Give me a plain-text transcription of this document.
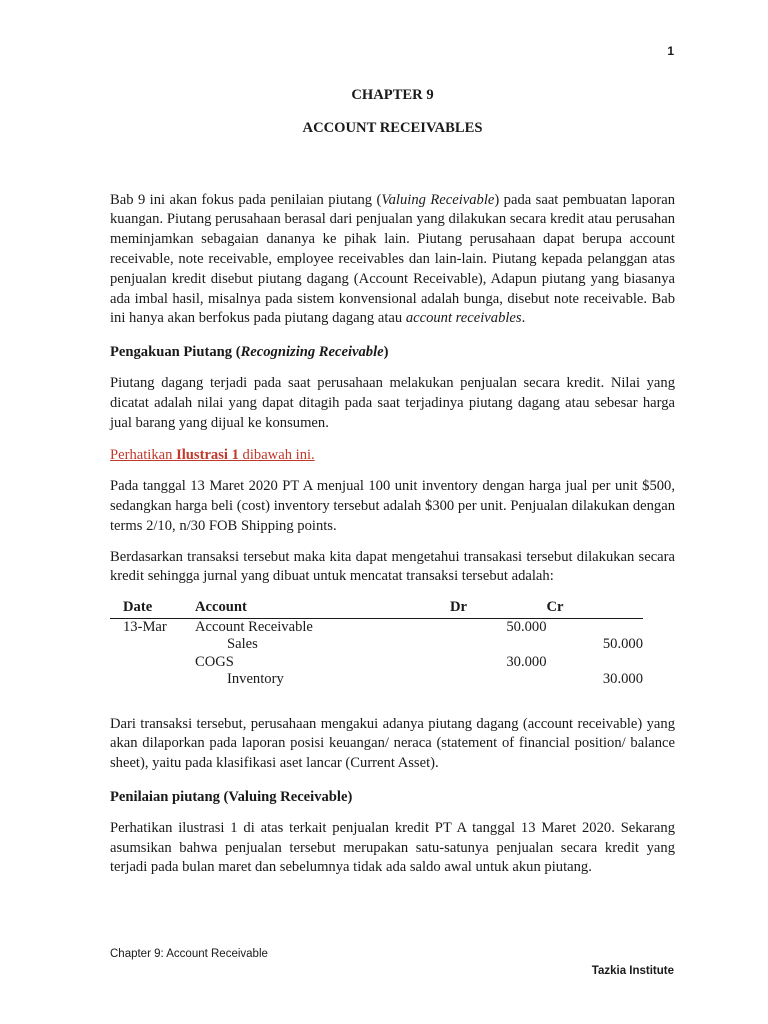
1
CHAPTER 9
ACCOUNT RECEIVABLES

Bab 9 ini akan fokus pada penilaian piutang (Valuing Receivable) pada saat pembuatan laporan kuangan. Piutang perusahaan berasal dari penjualan yang dilakukan secara kredit atau perusahan meminjamkan sebagaian dananya ke pihak lain. Piutang perusahaan dapat berupa account receivable, note receivable, employee receivables dan lain-lain. Piutang kepada pelanggan atas penjualan kredit disebut piutang dagang (Account Receivable), Adapun piutang yang biasanya ada imbal hasil, misalnya pada sistem konvensional adalah bunga, disebut note receivable. Bab ini hanya akan berfokus pada piutang dagang atau account receivables.

Pengakuan Piutang (Recognizing Receivable)

Piutang dagang terjadi pada saat perusahaan melakukan penjualan secara kredit. Nilai yang dicatat adalah nilai yang dapat ditagih pada saat terjadinya piutang dagang atau sebesar harga jual barang yang dijual ke konsumen.

Perhatikan Ilustrasi 1 dibawah ini.

Pada tanggal 13 Maret 2020 PT A menjual 100 unit inventory dengan harga jual per unit $500, sedangkan harga beli (cost) inventory tersebut adalah $300 per unit. Penjualan dilakukan dengan terms 2/10, n/30 FOB Shipping points.

Berdasarkan transaksi tersebut maka kita dapat mengetahui transakasi tersebut dilakukan secara kredit sehingga jurnal yang dibuat untuk mencatat transaksi tersebut adalah:

Date	Account	Dr	Cr
13-Mar	Account Receivable	50.000	
	Sales		50.000
	COGS	30.000	
	Inventory		30.000

Dari transaksi tersebut, perusahaan mengakui adanya piutang dagang (account receivable) yang akan dilaporkan pada laporan posisi keuangan/ neraca (statement of financial position/ balance sheet), yaitu pada klasifikasi aset lancar (Current Asset).

Penilaian piutang (Valuing Receivable)

Perhatikan ilustrasi 1 di atas terkait penjualan kredit PT A tanggal 13 Maret 2020. Sekarang asumsikan bahwa penjualan tersebut merupakan satu-satunya penjualan secara kredit yang terjadi pada bulan maret dan sebelumnya tidak ada saldo awal untuk akun piutang.

Chapter 9: Account Receivable
Tazkia Institute
